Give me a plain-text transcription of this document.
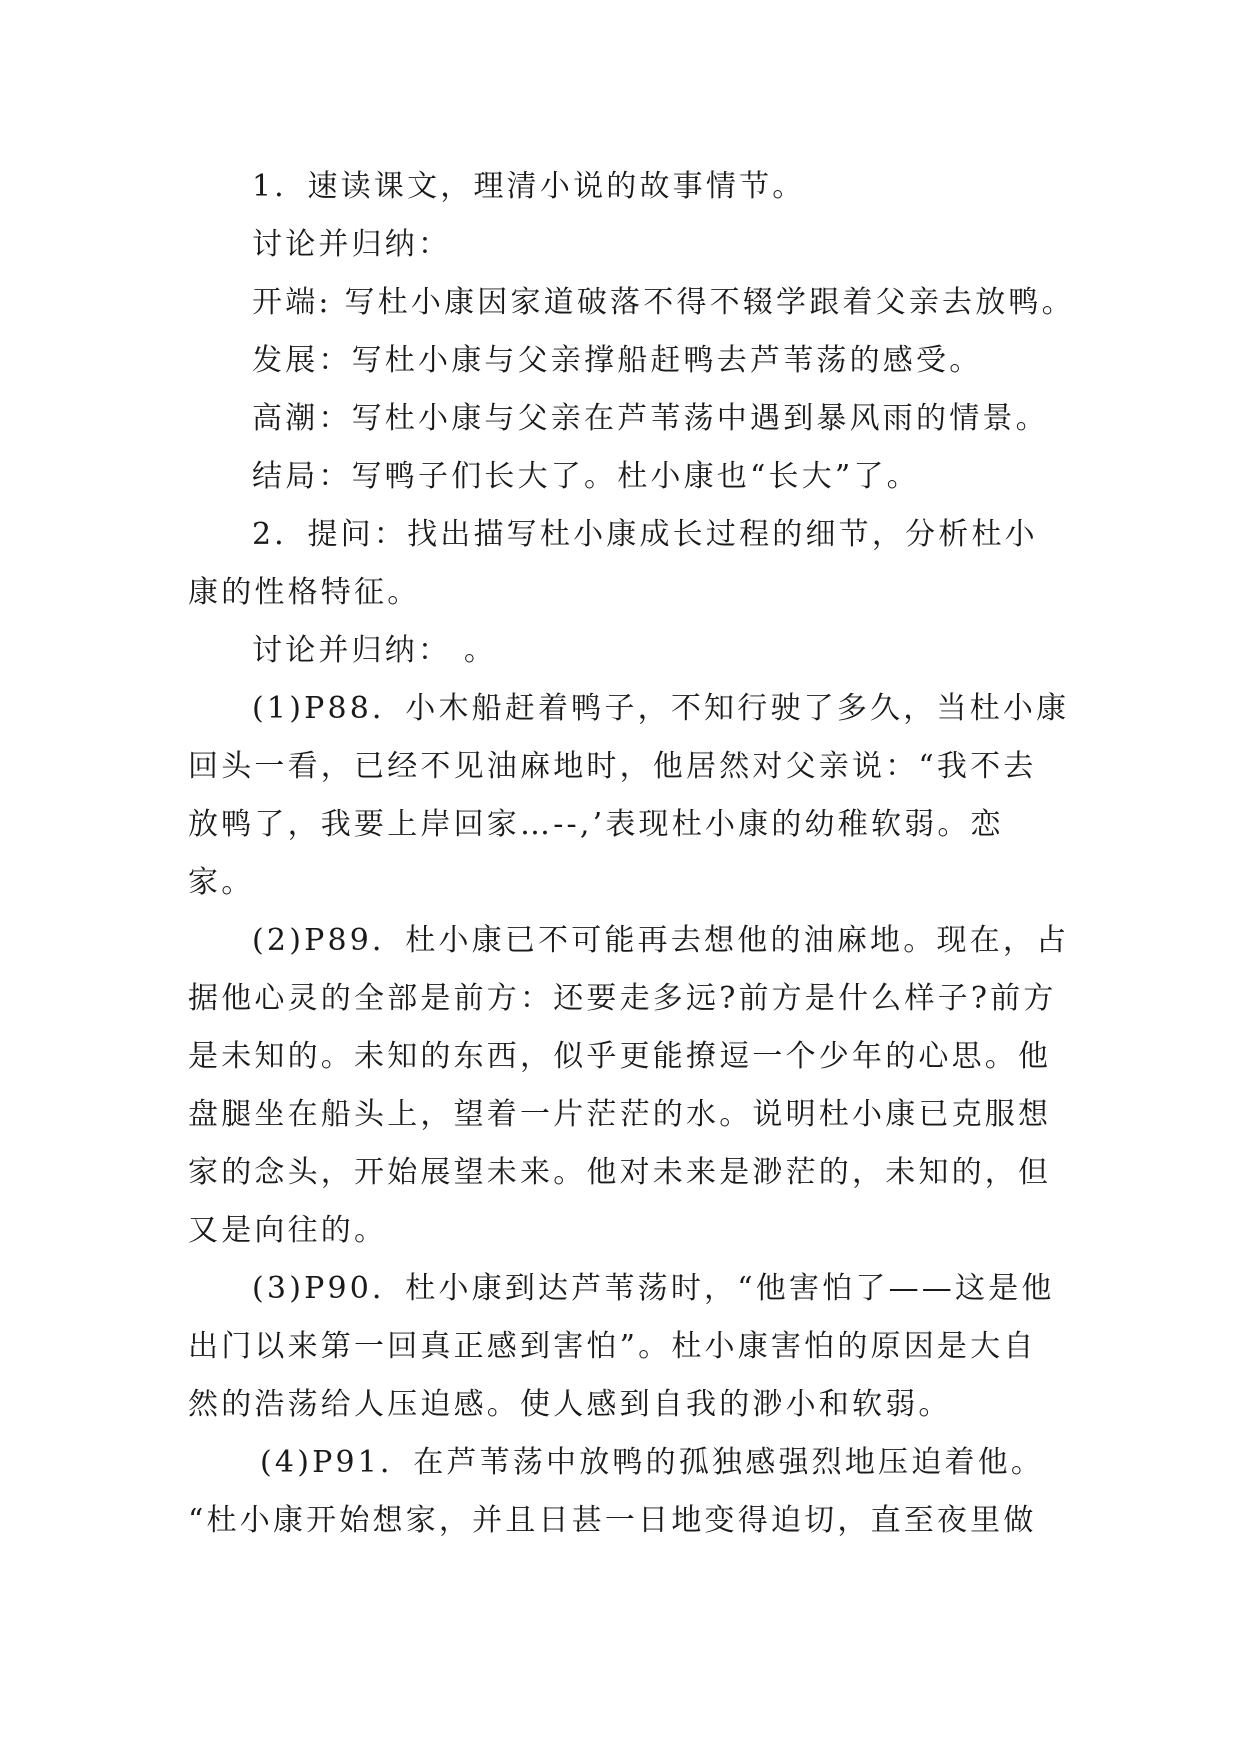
1．速读课文，理清小说的故事情节。
讨论并归纳：
开端: 写杜小康因家道破落不得不辍学跟着父亲去放鸭。
发展：写杜小康与父亲撑船赶鸭去芦苇荡的感受。
高潮：写杜小康与父亲在芦苇荡中遇到暴风雨的情景。
结局：写鸭子们长大了。杜小康也“长大”了。
2．提问：找出描写杜小康成长过程的细节，分析杜小
康的性格特征。
讨论并归纳： 。
(1)P88．小木船赶着鸭子，不知行驶了多久，当杜小康
回头一看，已经不见油麻地时，他居然对父亲说：“我不去
放鸭了，我要上岸回家…--,’表现杜小康的幼稚软弱。恋
家。
(2)P89．杜小康已不可能再去想他的油麻地。现在，占
据他心灵的全部是前方：还要走多远?前方是什么样子?前方
是未知的。未知的东西，似乎更能撩逗一个少年的心思。他
盘腿坐在船头上，望着一片茫茫的水。说明杜小康已克服想
家的念头，开始展望未来。他对未来是渺茫的，未知的，但
又是向往的。
(3)P90．杜小康到达芦苇荡时，“他害怕了——这是他
出门以来第一回真正感到害怕”。杜小康害怕的原因是大自
然的浩荡给人压迫感。使人感到自我的渺小和软弱。
(4)P91．在芦苇荡中放鸭的孤独感强烈地压迫着他。
“杜小康开始想家，并且日甚一日地变得迫切，直至夜里做
